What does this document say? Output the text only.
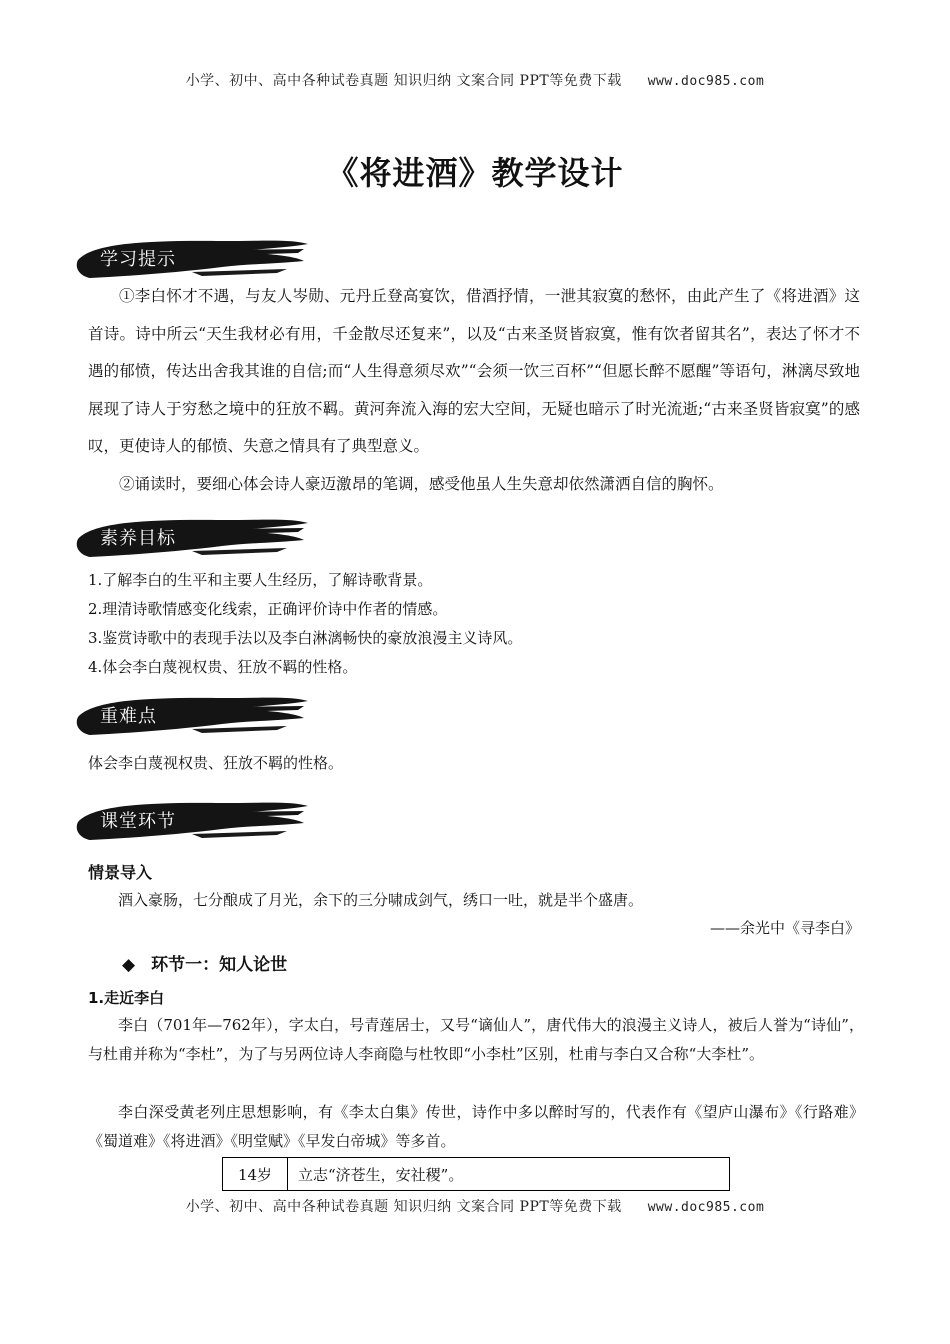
小学、初中、高中各种试卷真题 知识归纳 文案合同 PPT等免费下载 www.doc985.com
《将进酒》教学设计
学习提示
①李白怀才不遇，与友人岑勋、元丹丘登高宴饮，借酒抒情，一泄其寂寞的愁怀，由此产生了《将进酒》这首诗。诗中所云“天生我材必有用，千金散尽还复来”，以及“古来圣贤皆寂寞，惟有饮者留其名”，表达了怀才不遇的郁愤，传达出舍我其谁的自信;而“人生得意须尽欢”“会须一饮三百杯”“但愿长醉不愿醒”等语句，淋漓尽致地展现了诗人于穷愁之境中的狂放不羁。黄河奔流入海的宏大空间，无疑也暗示了时光流逝;“古来圣贤皆寂寞”的感叹，更使诗人的郁愤、失意之情具有了典型意义。
②诵读时，要细心体会诗人豪迈激昂的笔调，感受他虽人生失意却依然潇洒自信的胸怀。
素养目标
1.了解李白的生平和主要人生经历，了解诗歌背景。
2.理清诗歌情感变化线索，正确评价诗中作者的情感。
3.鉴赏诗歌中的表现手法以及李白淋漓畅快的豪放浪漫主义诗风。
4.体会李白蔑视权贵、狂放不羁的性格。
重难点
体会李白蔑视权贵、狂放不羁的性格。
课堂环节
情景导入
酒入豪肠，七分酿成了月光，余下的三分啸成剑气，绣口一吐，就是半个盛唐。
——余光中《寻李白》
◆ 环节一：知人论世
1.走近李白
李白（701年—762年），字太白，号青莲居士，又号“谪仙人”，唐代伟大的浪漫主义诗人，被后人誉为“诗仙”，与杜甫并称为“李杜”，为了与另两位诗人李商隐与杜牧即“小李杜”区别，杜甫与李白又合称“大李杜”。
李白深受黄老列庄思想影响，有《李太白集》传世，诗作中多以醉时写的，代表作有《望庐山瀑布》《行路难》《蜀道难》《将进酒》《明堂赋》《早发白帝城》等多首。
14岁	立志“济苍生，安社稷”。
小学、初中、高中各种试卷真题 知识归纳 文案合同 PPT等免费下载 www.doc985.com
